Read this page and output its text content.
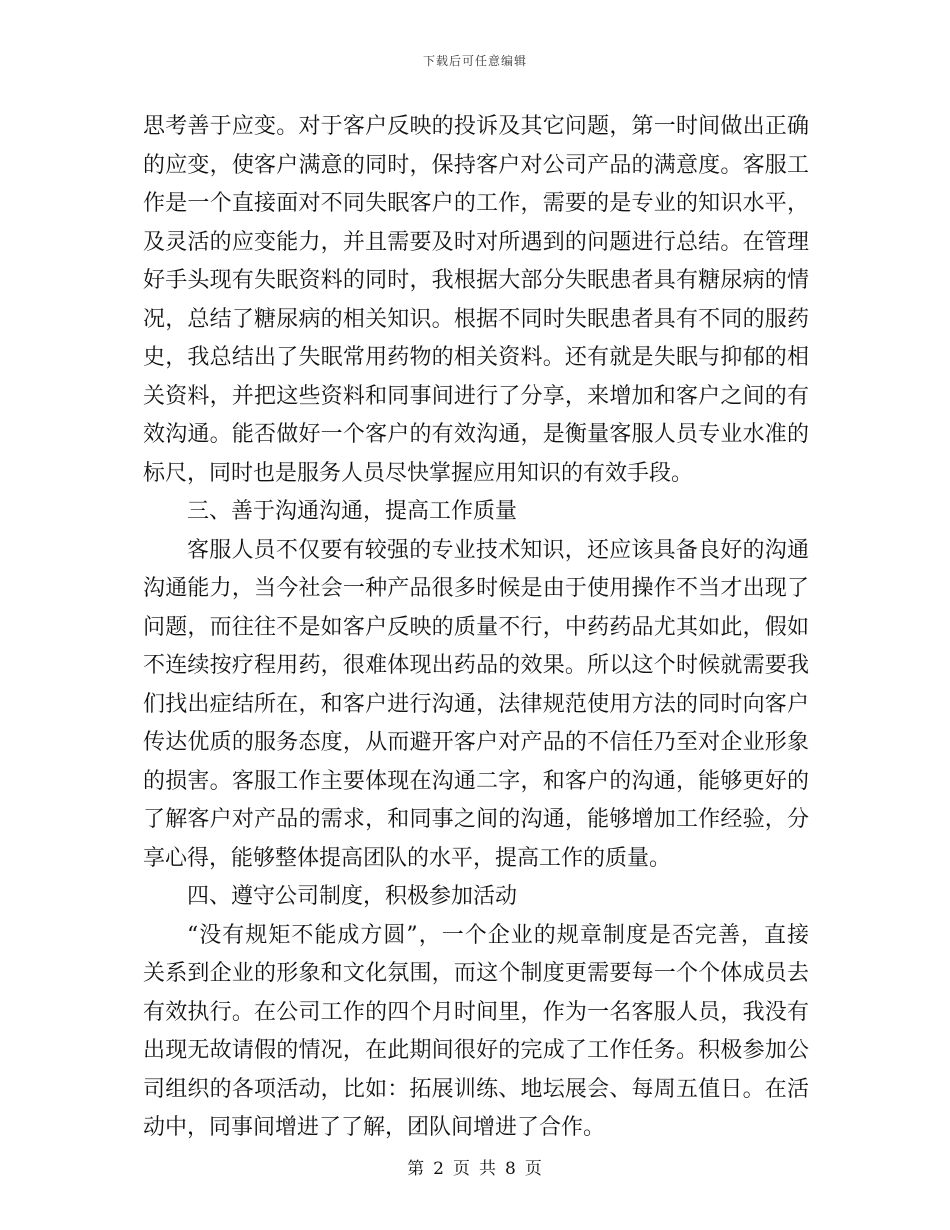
下载后可任意编辑
思考善于应变。对于客户反映的投诉及其它问题，第一时间做出正确
的应变，使客户满意的同时，保持客户对公司产品的满意度。客服工
作是一个直接面对不同失眠客户的工作，需要的是专业的知识水平，
及灵活的应变能力，并且需要及时对所遇到的问题进行总结。在管理
好手头现有失眠资料的同时，我根据大部分失眠患者具有糖尿病的情
况，总结了糖尿病的相关知识。根据不同时失眠患者具有不同的服药
史，我总结出了失眠常用药物的相关资料。还有就是失眠与抑郁的相
关资料，并把这些资料和同事间进行了分享，来增加和客户之间的有
效沟通。能否做好一个客户的有效沟通，是衡量客服人员专业水准的
标尺，同时也是服务人员尽快掌握应用知识的有效手段。
三、善于沟通沟通，提高工作质量
客服人员不仅要有较强的专业技术知识，还应该具备良好的沟通
沟通能力，当今社会一种产品很多时候是由于使用操作不当才出现了
问题，而往往不是如客户反映的质量不行，中药药品尤其如此，假如
不连续按疗程用药，很难体现出药品的效果。所以这个时候就需要我
们找出症结所在，和客户进行沟通，法律规范使用方法的同时向客户
传达优质的服务态度，从而避开客户对产品的不信任乃至对企业形象
的损害。客服工作主要体现在沟通二字，和客户的沟通，能够更好的
了解客户对产品的需求，和同事之间的沟通，能够增加工作经验，分
享心得，能够整体提高团队的水平，提高工作的质量。
四、遵守公司制度，积极参加活动
“没有规矩不能成方圆”，一个企业的规章制度是否完善，直接
关系到企业的形象和文化氛围，而这个制度更需要每一个个体成员去
有效执行。在公司工作的四个月时间里，作为一名客服人员，我没有
出现无故请假的情况，在此期间很好的完成了工作任务。积极参加公
司组织的各项活动，比如：拓展训练、地坛展会、每周五值日。在活
动中，同事间增进了了解，团队间增进了合作。
第 2 页 共 8 页
